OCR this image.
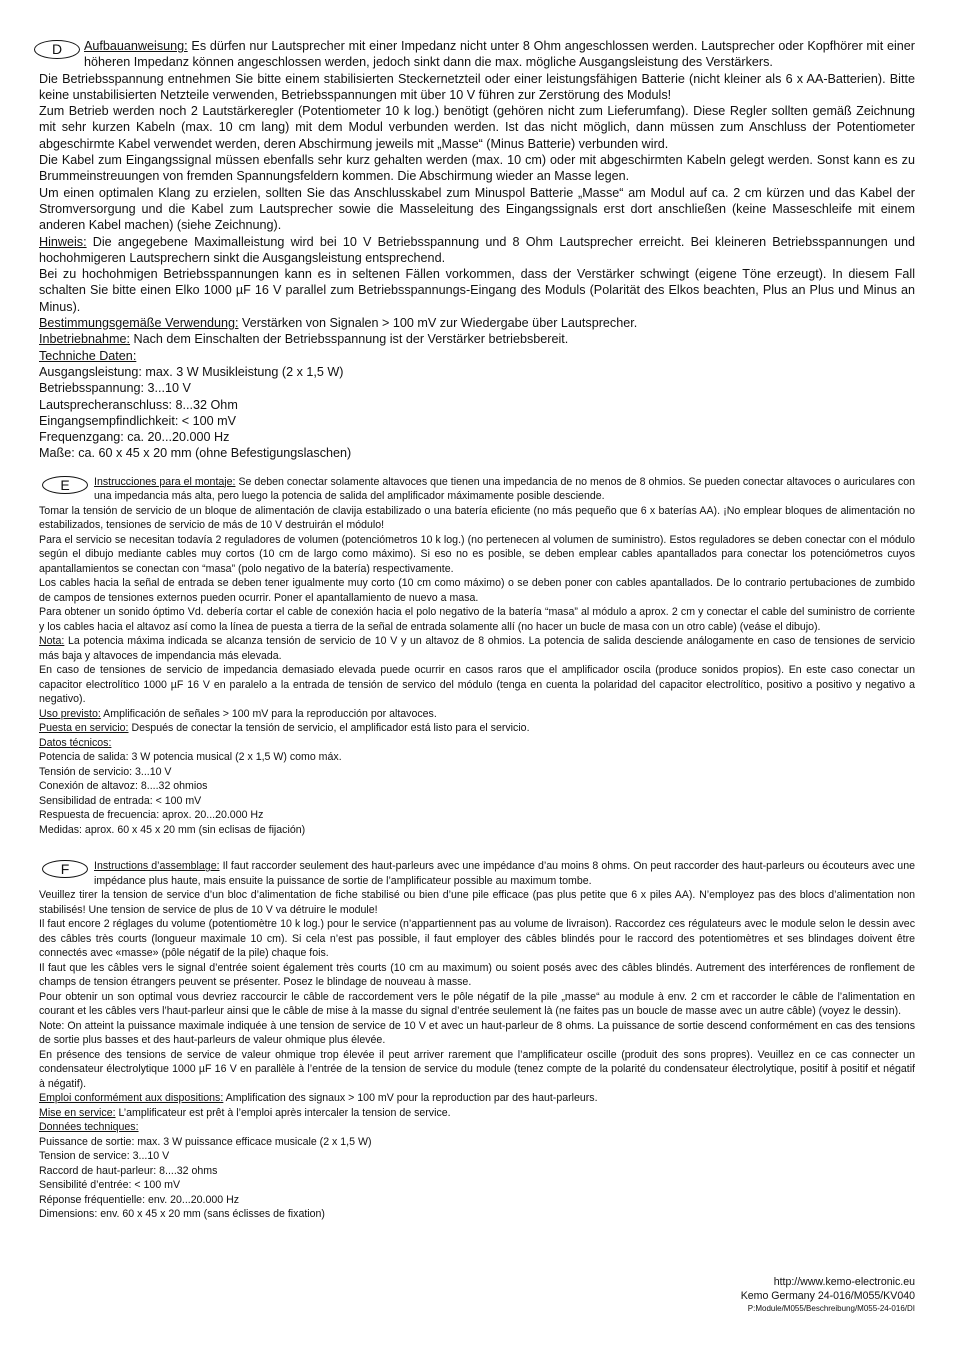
D	Aufbauanweisung: Es dürfen nur Lautsprecher mit einer Impedanz nicht unter 8 Ohm angeschlossen werden. Lautsprecher oder Kopfhörer mit einer höheren Impedanz können angeschlossen werden, jedoch sinkt dann die max. mögliche Ausgangsleistung des Verstärkers.

Die Betriebsspannung entnehmen Sie bitte einem stabilisierten Steckernetzteil oder einer leistungsfähigen Batterie (nicht kleiner als 6 x AA-Batterien). Bitte keine unstabilisierten Netzteile verwenden, Betriebsspannungen mit über 10 V führen zur Zerstörung des Moduls!

Zum Betrieb werden noch 2 Lautstärkeregler (Potentiometer 10 k log.) benötigt (gehören nicht zum Lieferumfang). Diese Regler sollten gemäß Zeichnung mit sehr kurzen Kabeln (max. 10 cm lang) mit dem Modul verbunden werden. Ist das nicht möglich, dann müssen zum Anschluss der Potentiometer abgeschirmte Kabel verwendet werden, deren Abschirmung jeweils mit „Masse“ (Minus Batterie) verbunden wird.

Die Kabel zum Eingangssignal müssen ebenfalls sehr kurz gehalten werden (max. 10 cm) oder mit abgeschirmten Kabeln gelegt werden. Sonst kann es zu Brummeinstreuungen von fremden Spannungsfeldern kommen. Die Abschirmung wieder an Masse legen.

Um einen optimalen Klang zu erzielen, sollten Sie das Anschlusskabel zum Minuspol Batterie „Masse“ am Modul auf ca. 2 cm kürzen und das Kabel der Stromversorgung und die Kabel zum Lautsprecher sowie die Masseleitung des Eingangssignals erst dort anschließen (keine Masseschleife mit einem anderen Kabel machen) (siehe Zeichnung).

Hinweis: Die angegebene Maximalleistung wird bei 10 V Betriebsspannung und 8 Ohm Lautsprecher erreicht. Bei kleineren Betriebsspannungen und hochohmigeren Lautsprechern sinkt die Ausgangsleistung entsprechend.

Bei zu hochohmigen Betriebsspannungen kann es in seltenen Fällen vorkommen, dass der Verstärker schwingt (eigene Töne erzeugt). In diesem Fall schalten Sie bitte einen Elko 1000 µF 16 V parallel zum Betriebsspannungs-Eingang des Moduls (Polarität des Elkos beachten, Plus an Plus und Minus an Minus).

Bestimmungsgemäße Verwendung: Verstärken von Signalen > 100 mV zur Wiedergabe über Lautsprecher.

Inbetriebnahme: Nach dem Einschalten der Betriebsspannung ist der Verstärker betriebsbereit.

Techniche Daten:

Ausgangsleistung: max. 3 W Musikleistung (2 x 1,5 W)

Betriebsspannung: 3...10 V

Lautsprecheranschluss: 8...32 Ohm

Eingangsempfindlichkeit: < 100 mV

Frequenzgang: ca. 20...20.000 Hz

Maße: ca. 60 x 45 x 20 mm (ohne Befestigungslaschen)

E	Instrucciones para el montaje: Se deben conectar solamente altavoces que tienen una impedancia de no menos de 8 ohmios. Se pueden conectar altavoces o auriculares con una impedancia más alta, pero luego la potencia de salida del amplificador máximamente posible desciende.

Tomar la tensión de servicio de un bloque de alimentación de clavija estabilizado o una batería eficiente (no más pequeño que 6 x baterías AA). ¡No emplear bloques de alimentación no estabilizados, tensiones de servicio de más de 10 V destruirán el módulo!

Para el servicio se necesitan todavía 2 reguladores de volumen (potenciómetros 10 k log.) (no pertenecen al volumen de suministro). Estos reguladores se deben conectar con el módulo según el dibujo mediante cables muy cortos (10 cm de largo como máximo). Si eso no es posible, se deben emplear cables apantallados para conectar los potenciómetros cuyos apantallamientos se conectan con “masa” (polo negativo de la batería) respectivamente.

Los cables hacia la señal de entrada se deben tener igualmente muy corto (10 cm como máximo) o se deben poner con cables apantallados. De lo contrario pertubaciones de zumbido de campos de tensiones externos pueden ocurrir. Poner el apantallamiento de nuevo a masa.

Para obtener un sonido óptimo Vd. debería cortar el cable de conexión hacia el polo negativo de la batería “masa” al módulo a aprox. 2 cm y conectar el cable del suministro de corriente y los cables hacia el altavoz así como la línea de puesta a tierra de la señal de entrada solamente allí (no hacer un bucle de masa con un otro cable) (veáse el dibujo).

Nota: La potencia máxima indicada se alcanza tensión de servicio de 10 V y un altavoz de 8 ohmios. La potencia de salida desciende análogamente en caso de tensiones de servicio más baja y altavoces de impendancia más elevada.

En caso de tensiones de servicio de impedancia demasiado elevada puede ocurrir en casos raros que el amplificador oscila (produce sonidos propios). En este caso conectar un capacitor electrolítico 1000 µF 16 V en paralelo a la entrada de tensión de servico del módulo (tenga en cuenta la polaridad del capacitor electrolítico, positivo a positivo y negativo a negativo).

Uso previsto: Amplificación de señales > 100 mV para la reproducción por altavoces.

Puesta en servicio: Después de conectar la tensión de servicio, el amplificador está listo para el servicio.

Datos técnicos:

Potencia de salida: 3 W potencia musical (2 x 1,5 W) como máx.

Tensión de servicio: 3...10 V

Conexión de altavoz: 8....32 ohmios

Sensibilidad de entrada: < 100 mV

Respuesta de frecuencia: aprox. 20...20.000 Hz

Medidas: aprox. 60 x 45 x 20 mm (sin eclisas de fijación)

F	Instructions d’assemblage: Il faut raccorder seulement des haut-parleurs avec une impédance d’au moins 8 ohms. On peut raccorder des haut-parleurs ou écouteurs avec une impédance plus haute, mais ensuite la puissance de sortie de l’amplificateur possible au maximum tombe.

Veuillez tirer la tension de service d’un bloc d’alimentation de fiche stabilisé ou bien d’une pile efficace (pas plus petite que 6 x piles AA). N’employez pas des blocs d’alimentation non stabilisés! Une tension de service de plus de 10 V va détruire le module!

Il faut encore 2 réglages du volume (potentiomètre 10 k log.) pour le service (n’appartiennent pas au volume de livraison). Raccordez ces régulateurs avec le module selon le dessin avec des câbles très courts (longueur maximale 10 cm). Si cela n’est pas possible, il faut employer des câbles blindés pour le raccord des potentiomètres et ses blindages doivent être connectés avec «masse» (pôle négatif de la pile) chaque fois.

Il faut que les câbles vers le signal d’entrée soient également très courts (10 cm au maximum) ou soient posés avec des câbles blindés. Autrement des interférences de ronflement de champs de tension étrangers peuvent se présenter. Posez le blindage de nouveau à masse.

Pour obtenir un son optimal vous devriez raccourcir le câble de raccordement vers le pôle négatif de la pile „masse“ au module à env. 2 cm et raccorder le câble de l’alimentation en courant et les câbles vers l’haut-parleur ainsi que le câble de mise à la masse du signal d’entrée seulement là (ne faites pas un boucle de masse avec un autre câble) (voyez le dessin).

Note: On atteint la puissance maximale indiquée à une tension de service de 10 V et avec un haut-parleur de 8 ohms. La puissance de sortie descend conformément en cas des tensions de sortie plus basses et des haut-parleurs de valeur ohmique plus élevée.

En présence des tensions de service de valeur ohmique trop élevée il peut arriver rarement que l’amplificateur oscille (produit des sons propres). Veuillez en ce cas connecter un condensateur électrolytique 1000 µF 16 V en parallèle à l’entrée de la tension de service du module (tenez compte de la polarité du condensateur électrolytique, positif à positif et négatif à négatif).

Emploi conformément aux dispositions: Amplification des signaux > 100 mV pour la reproduction par des haut-parleurs.

Mise en service: L’amplificateur est prêt à l’emploi après intercaler la tension de service.

Données techniques:

Puissance de sortie: max. 3 W puissance efficace musicale (2 x 1,5 W)

Tension de service: 3...10 V

Raccord de haut-parleur: 8....32 ohms

Sensibilité d’entrée: < 100 mV

Réponse fréquentielle: env. 20...20.000 Hz

Dimensions: env. 60 x 45 x 20 mm (sans éclisses de fixation)

http://www.kemo-electronic.eu
Kemo Germany 24-016/M055/KV040
P:Module/M055/Beschreibung/M055-24-016/DI
